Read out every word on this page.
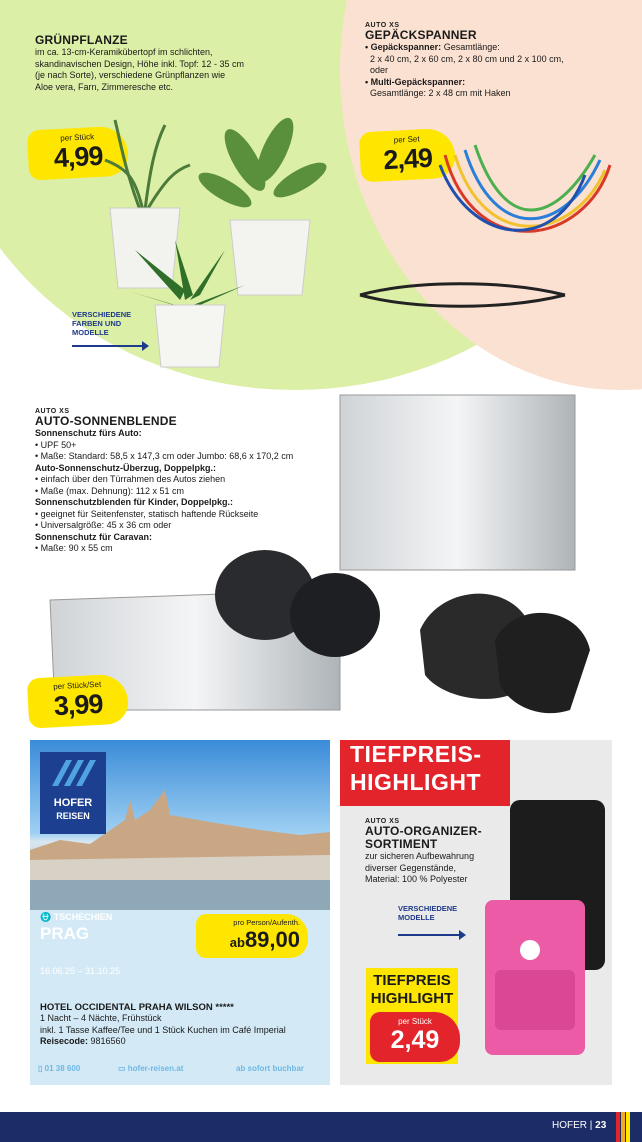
GRÜNPFLANZE
im ca. 13-cm-Keramikübertopf im schlichten,
skandinavischen Design, Höhe inkl. Topf: 12 - 35 cm
(je nach Sorte), verschiedene Grünpflanzen wie
Aloe vera, Farn, Zimmeresche etc.
per Stück
4,99
VERSCHIEDENE
FARBEN UND
MODELLE
AUTO XS
GEPÄCKSPANNER
• Gepäckspanner: Gesamtlänge:
2 x 40 cm, 2 x 60 cm, 2 x 80 cm und 2 x 100 cm,
oder
• Multi-Gepäckspanner:
Gesamtlänge: 2 x 48 cm mit Haken
per Set
2,49
AUTO XS
AUTO-SONNENBLENDE
Sonnenschutz fürs Auto:
• UPF 50+
• Maße: Standard: 58,5 x 147,3 cm oder Jumbo: 68,6 x 170,2 cm
Auto-Sonnenschutz-Überzug, Doppelpkg.:
• einfach über den Türrahmen des Autos ziehen
• Maße (max. Dehnung): 112 x 51 cm
Sonnenschutzblenden für Kinder, Doppelpkg.:
• geeignet für Seitenfenster, statisch haftende Rückseite
• Universalgröße: 45 x 36 cm oder
Sonnenschutz für Caravan:
• Maße: 90 x 55 cm
per Stück/Set
3,99
HOFER
REISEN
⛎ TSCHECHIEN
PRAG
pro Person/Aufenth.
ab89,00
16.06.25 – 31.10.25
HOTEL OCCIDENTAL PRAHA WILSON *****
1 Nacht – 4 Nächte, Frühstück
inkl. 1 Tasse Kaffee/Tee und 1 Stück Kuchen im Café Imperial
Reisecode: 9816560
▯ 01 38 600	▭ hofer-reisen.at	ab sofort buchbar
TIEFPREIS-
HIGHLIGHT
AUTO XS
AUTO-ORGANIZER-
SORTIMENT
zur sicheren Aufbewahrung
diverser Gegenstände,
Material: 100 % Polyester
VERSCHIEDENE
MODELLE
TIEFPREIS
HIGHLIGHT
per Stück
2,49
HOFER | 23
